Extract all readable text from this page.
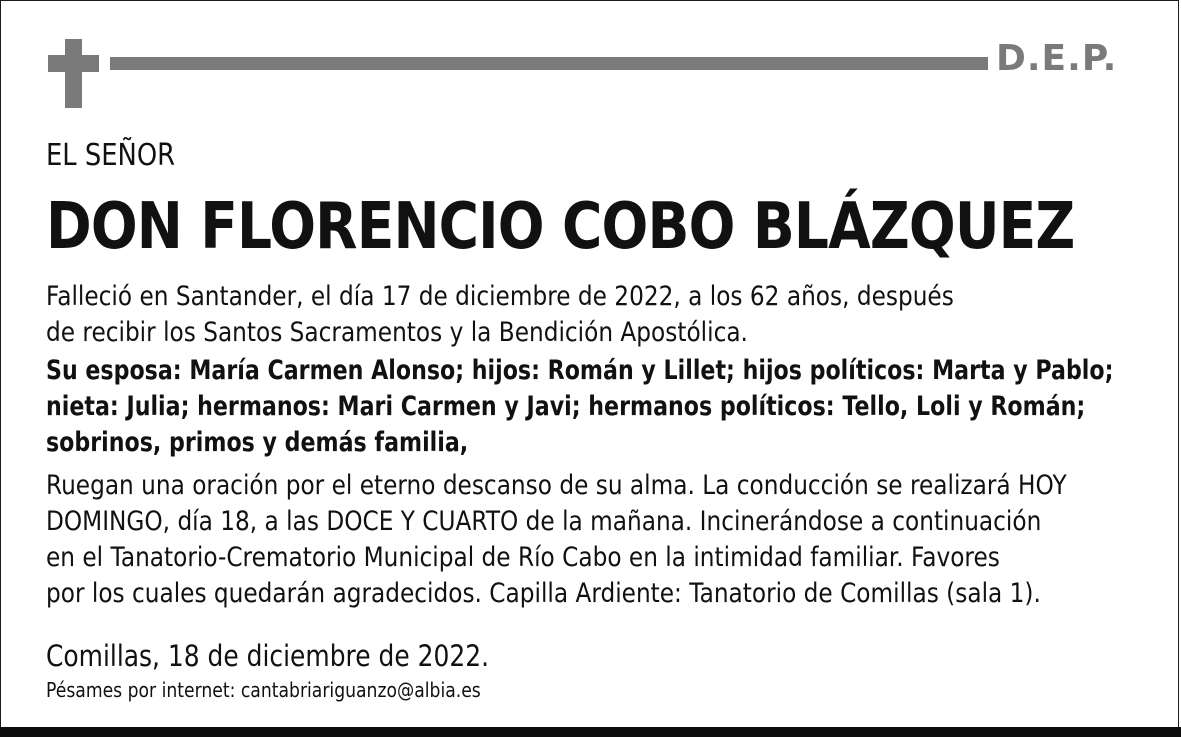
D.E.P.
EL SEÑOR
DON FLORENCIO COBO BLÁZQUEZ
Falleció en Santander, el día 17 de diciembre de 2022, a los 62 años, después
de recibir los Santos Sacramentos y la Bendición Apostólica.
Su esposa: María Carmen Alonso; hijos: Román y Lillet; hijos políticos: Marta y Pablo;
nieta: Julia; hermanos: Mari Carmen y Javi; hermanos políticos: Tello, Loli y Román;
sobrinos, primos y demás familia,
Ruegan una oración por el eterno descanso de su alma. La conducción se realizará HOY
DOMINGO, día 18, a las DOCE Y CUARTO de la mañana. Incinerándose a continuación
en el Tanatorio-Crematorio Municipal de Río Cabo en la intimidad familiar. Favores
por los cuales quedarán agradecidos. Capilla Ardiente: Tanatorio de Comillas (sala 1).
Comillas, 18 de diciembre de 2022.
Pésames por internet: cantabriariguanzo@albia.es
